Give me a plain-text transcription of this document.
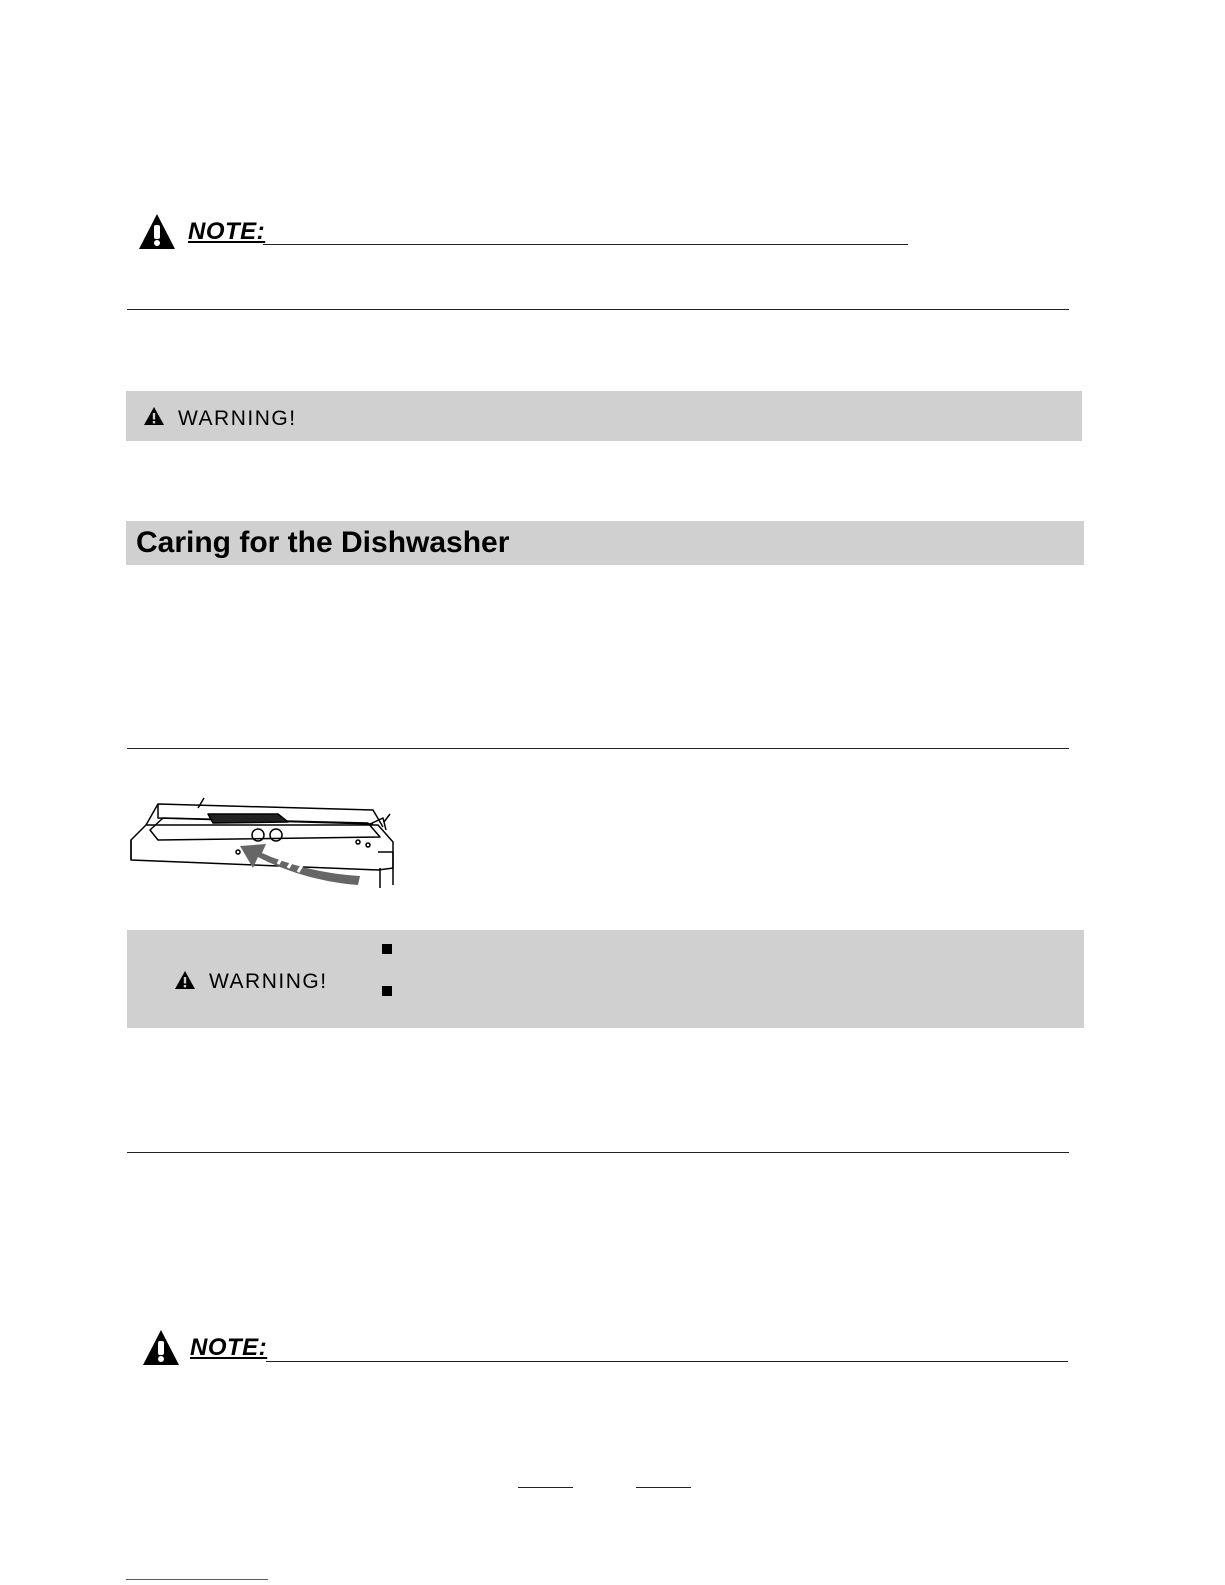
NOTE:
WARNING!
Caring for the Dishwasher
WARNING!
NOTE:
